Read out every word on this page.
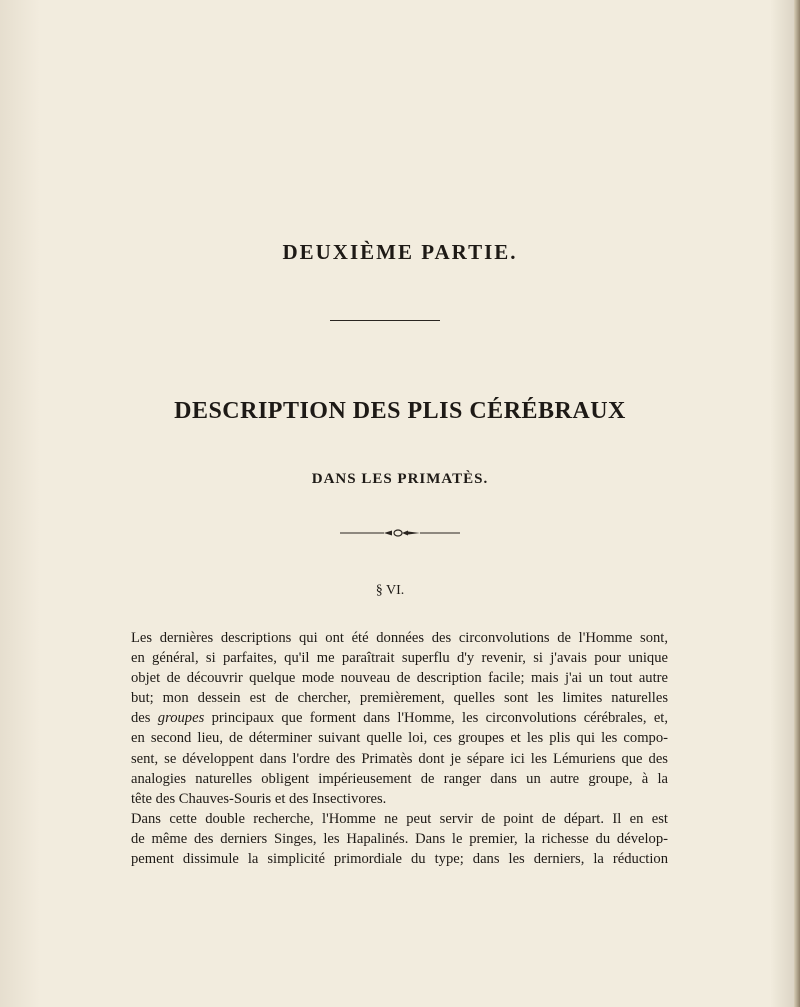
DEUXIÈME PARTIE.
DESCRIPTION DES PLIS CÉRÉBRAUX
DANS LES PRIMATÈS.
§ VI.

Les dernières descriptions qui ont été données des circonvolutions de l'Homme sont,
en général, si parfaites, qu'il me paraîtrait superflu d'y revenir, si j'avais pour unique
objet de découvrir quelque mode nouveau de description facile; mais j'ai un tout autre
but; mon dessein est de chercher, premièrement, quelles sont les limites naturelles
des groupes principaux que forment dans l'Homme, les circonvolutions cérébrales, et,
en second lieu, de déterminer suivant quelle loi, ces groupes et les plis qui les compo-
sent, se développent dans l'ordre des Primatès dont je sépare ici les Lémuriens que des
analogies naturelles obligent impérieusement de ranger dans un autre groupe, à la
tête des Chauves-Souris et des Insectivores.

Dans cette double recherche, l'Homme ne peut servir de point de départ. Il en est
de même des derniers Singes, les Hapalinés. Dans le premier, la richesse du dévelop-
pement dissimule la simplicité primordiale du type; dans les derniers, la réduction
